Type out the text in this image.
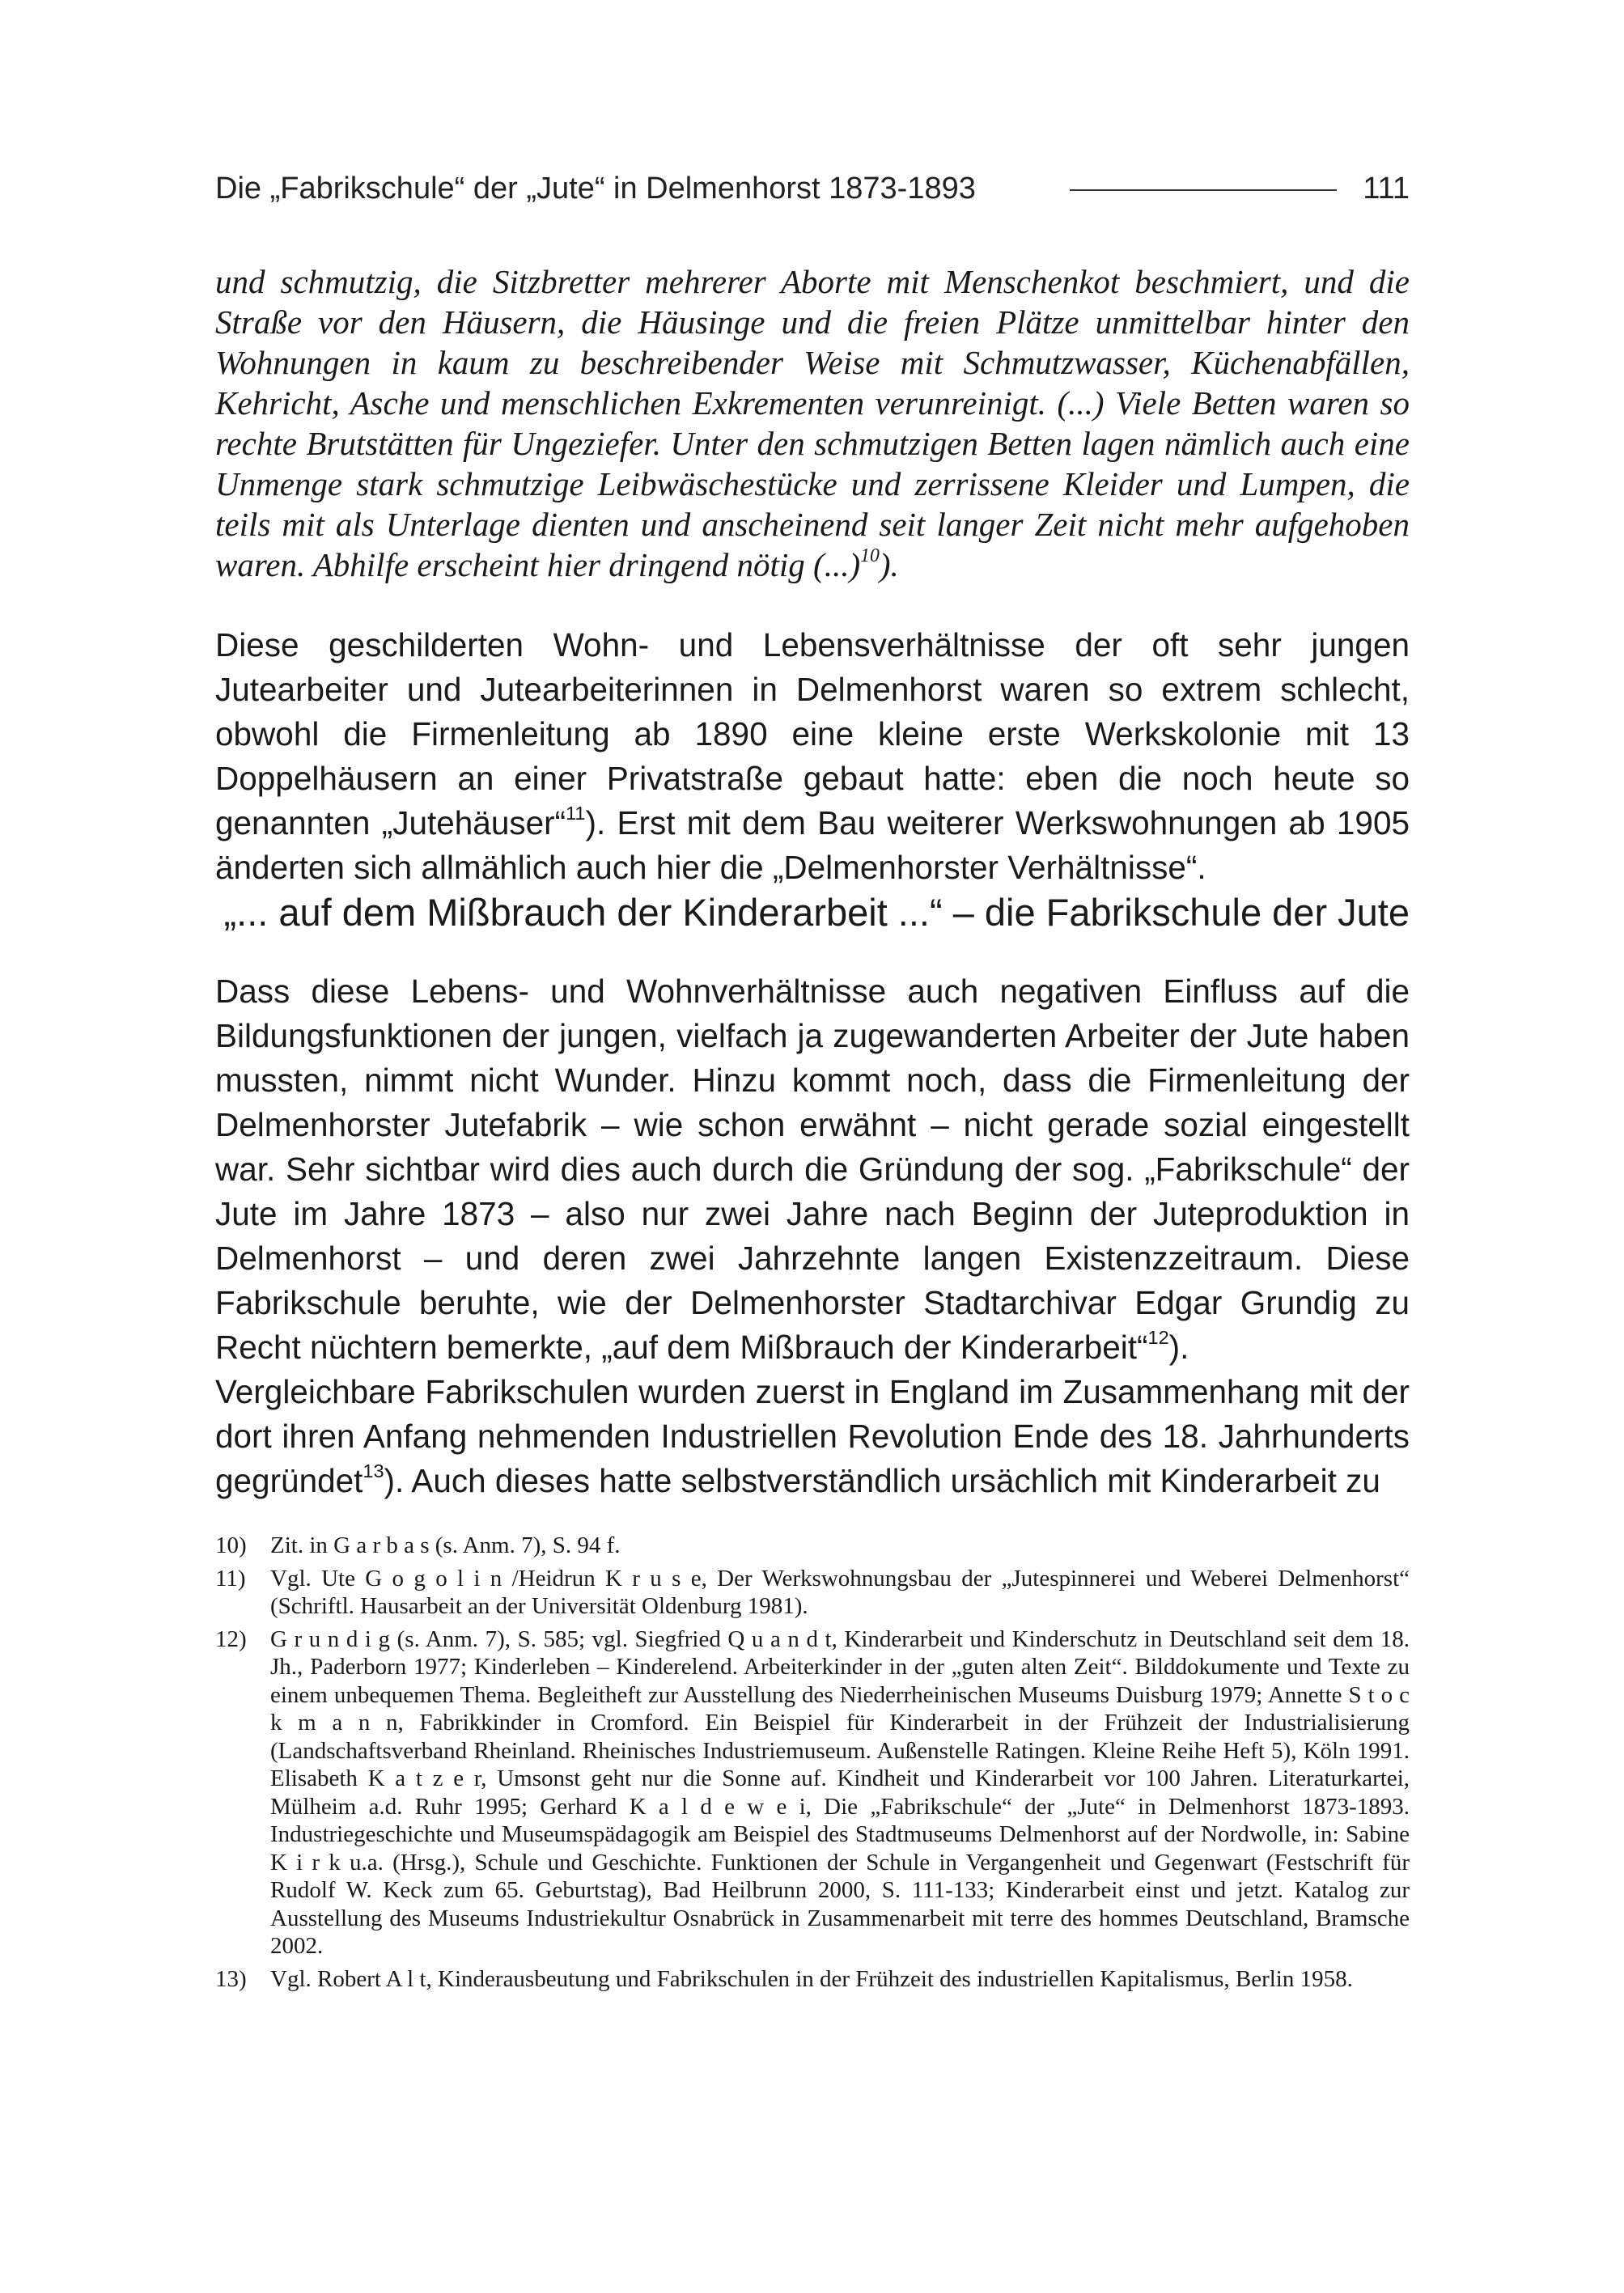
Die „Fabrikschule“ der „Jute“ in Delmenhorst 1873-1893	111

und schmutzig, die Sitzbretter mehrerer Aborte mit Menschenkot beschmiert, und die Straße vor den Häusern, die Häusinge und die freien Plätze unmittelbar hinter den Wohnungen in kaum zu beschreibender Weise mit Schmutzwasser, Küchenabfällen, Kehricht, Asche und menschlichen Exkrementen verunreinigt. (...) Viele Betten waren so rechte Brutstätten für Ungeziefer. Unter den schmutzigen Betten lagen nämlich auch eine Unmenge stark schmutzige Leibwäschestücke und zerrissene Kleider und Lumpen, die teils mit als Unterlage dienten und anscheinend seit langer Zeit nicht mehr aufgehoben waren. Abhilfe erscheint hier dringend nötig (...)$^{10}$).

Diese geschilderten Wohn- und Lebensverhältnisse der oft sehr jungen Jutearbeiter und Jutearbeiterinnen in Delmenhorst waren so extrem schlecht, obwohl die Firmenleitung ab 1890 eine kleine erste Werkskolonie mit 13 Doppelhäusern an einer Privatstraße gebaut hatte: eben die noch heute so genannten „Jutehäuser“$^{11}$). Erst mit dem Bau weiterer Werkswohnungen ab 1905 änderten sich allmählich auch hier die „Delmenhorster Verhältnisse“.

„... auf dem Mißbrauch der Kinderarbeit ...“ – die Fabrikschule der Jute

Dass diese Lebens- und Wohnverhältnisse auch negativen Einfluss auf die Bildungsfunktionen der jungen, vielfach ja zugewanderten Arbeiter der Jute haben mussten, nimmt nicht Wunder. Hinzu kommt noch, dass die Firmenleitung der Delmenhorster Jutefabrik – wie schon erwähnt – nicht gerade sozial eingestellt war. Sehr sichtbar wird dies auch durch die Gründung der sog. „Fabrikschule“ der Jute im Jahre 1873 – also nur zwei Jahre nach Beginn der Juteproduktion in Delmenhorst – und deren zwei Jahrzehnte langen Existenzzeitraum. Diese Fabrikschule beruhte, wie der Delmenhorster Stadtarchivar Edgar Grundig zu Recht nüchtern bemerkte, „auf dem Mißbrauch der Kinderarbeit“$^{12}$).

Vergleichbare Fabrikschulen wurden zuerst in England im Zusammenhang mit der dort ihren Anfang nehmenden Industriellen Revolution Ende des 18. Jahrhunderts gegründet$^{13}$). Auch dieses hatte selbstverständlich ursächlich mit Kinderarbeit zu

10)	Zit. in G a r b a s (s. Anm. 7), S. 94 f.
11)	Vgl. Ute G o g o l i n /Heidrun K r u s e, Der Werkswohnungsbau der „Jutespinnerei und Weberei Delmenhorst“ (Schriftl. Hausarbeit an der Universität Oldenburg 1981).
12)	G r u n d i g (s. Anm. 7), S. 585; vgl. Siegfried Q u a n d t, Kinderarbeit und Kinderschutz in Deutschland seit dem 18. Jh., Paderborn 1977; Kinderleben – Kinderelend. Arbeiterkinder in der „guten alten Zeit“. Bilddokumente und Texte zu einem unbequemen Thema. Begleitheft zur Ausstellung des Niederrheinischen Museums Duisburg 1979; Annette S t o c k m a n n, Fabrikkinder in Cromford. Ein Beispiel für Kinderarbeit in der Frühzeit der Industrialisierung (Landschaftsverband Rheinland. Rheinisches Industriemuseum. Außenstelle Ratingen. Kleine Reihe Heft 5), Köln 1991. Elisabeth K a t z e r, Umsonst geht nur die Sonne auf. Kindheit und Kinderarbeit vor 100 Jahren. Literaturkartei, Mülheim a.d. Ruhr 1995; Gerhard K a l d e w e i, Die „Fabrikschule“ der „Jute“ in Delmenhorst 1873-1893. Industriegeschichte und Museumspädagogik am Beispiel des Stadtmuseums Delmenhorst auf der Nordwolle, in: Sabine K i r k u.a. (Hrsg.), Schule und Geschichte. Funktionen der Schule in Vergangenheit und Gegenwart (Festschrift für Rudolf W. Keck zum 65. Geburtstag), Bad Heilbrunn 2000, S. 111-133; Kinderarbeit einst und jetzt. Katalog zur Ausstellung des Museums Industriekultur Osnabrück in Zusammenarbeit mit terre des hommes Deutschland, Bramsche 2002.
13)	Vgl. Robert A l t, Kinderausbeutung und Fabrikschulen in der Frühzeit des industriellen Kapitalismus, Berlin 1958.
